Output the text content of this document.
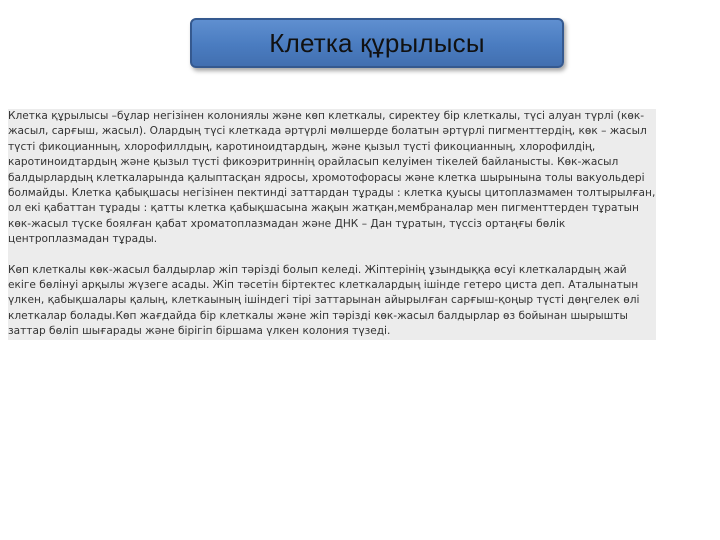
Клетка құрылысы

Клетка құрылысы –бұлар негізінен колониялы және көп клеткалы, сиректеу бір клеткалы, түсі алуан түрлі (көк-жасыл, сарғыш, жасыл). Олардың түсі клеткада әртүрлі мөлшерде болатын әртүрлі пигменттердің, көк – жасыл түсті фикоцианның, хлорофиллдың, каротиноидтардың, және қызыл түсті фикоцианның, хлорофилдің, каротиноидтардың және қызыл түсті фикоэритриннің орайласып келуімен тікелей байланысты. Көк-жасыл балдырлардың клеткаларында қалыптасқан ядросы, хромотофорасы және клетка шырынына толы вакуольдері болмайды. Клетка қабықшасы негізінен пектинді заттардан тұрады : клетка қуысы цитоплазмамен толтырылған, ол екі қабаттан тұрады : қатты клетка қабықшасына жақын жатқан,мембраналар мен пигменттерден тұратын көк-жасыл түске боялған қабат хроматоплазмадан және ДНК – Дан тұратын, түссіз ортаңғы бөлік центроплазмадан тұрады.

Көп клеткалы көк-жасыл балдырлар жіп тәрізді болып келеді. Жіптерінің ұзындыққа өсуі клеткалардың жай екіге бөлінуі арқылы жүзеге асады. Жіп тәсетін біртектес клеткалардың ішінде гетеро циста деп. Аталынатын үлкен, қабықшалары қалың, клеткаының ішіндегі тірі заттарынан айырылған сарғыш-қоңыр түсті дөңгелек өлі клеткалар болады.Көп жағдайда бір клеткалы және жіп тәрізді көк-жасыл балдырлар өз бойынан шырышты заттар бөліп шығарады және бірігіп біршама үлкен колония түзеді.
